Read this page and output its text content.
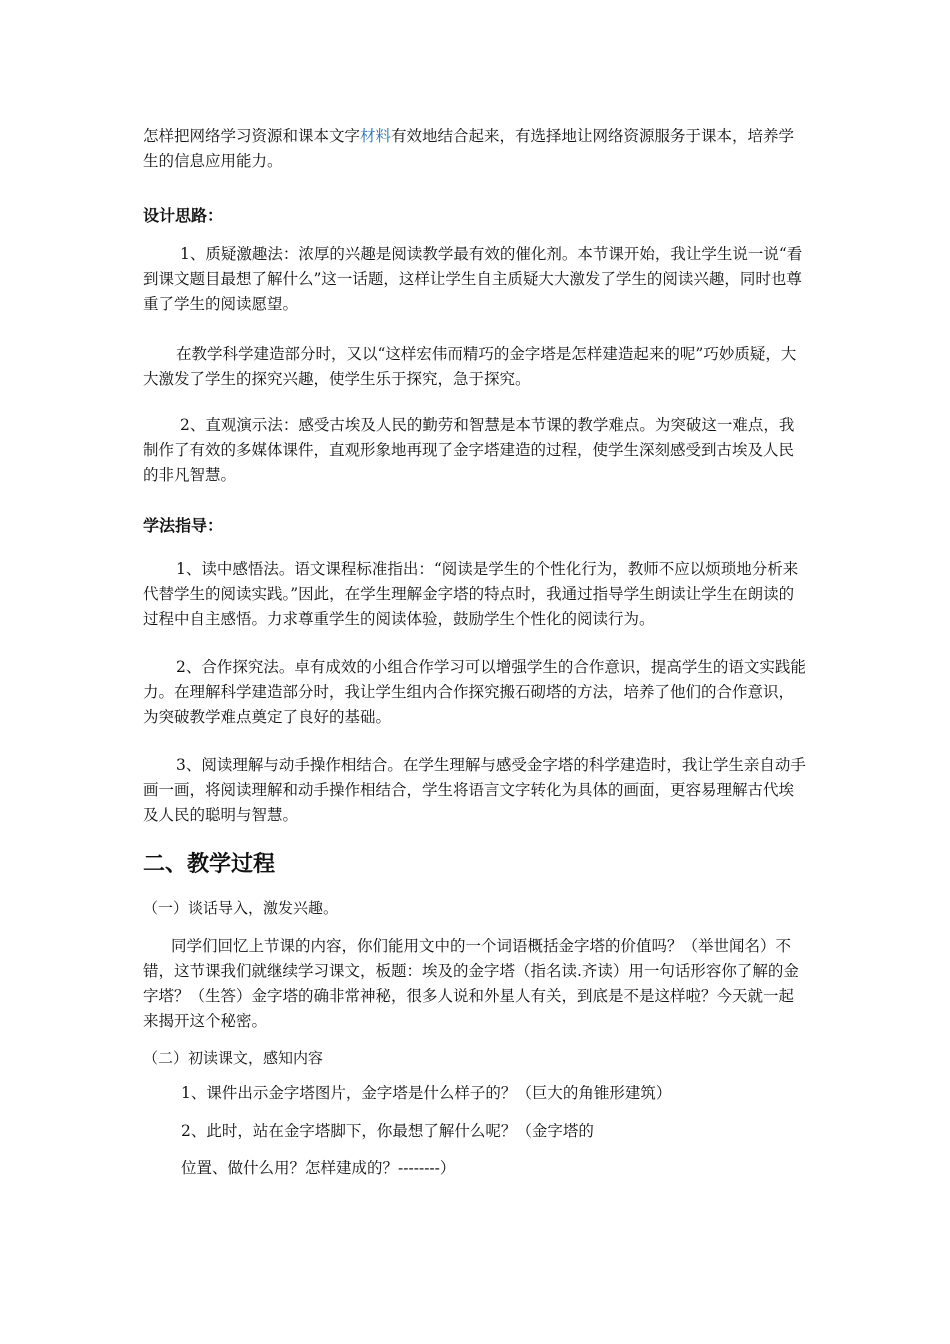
怎样把网络学习资源和课本文字材料有效地结合起来，有选择地让网络资源服务于课本，培养学生的信息应用能力。

设计思路：

1、质疑激趣法：浓厚的兴趣是阅读教学最有效的催化剂。本节课开始，我让学生说一说“看到课文题目最想了解什么”这一话题，这样让学生自主质疑大大激发了学生的阅读兴趣，同时也尊重了学生的阅读愿望。

在教学科学建造部分时，又以“这样宏伟而精巧的金字塔是怎样建造起来的呢”巧妙质疑，大大激发了学生的探究兴趣，使学生乐于探究，急于探究。

2、直观演示法：感受古埃及人民的勤劳和智慧是本节课的教学难点。为突破这一难点，我制作了有效的多媒体课件，直观形象地再现了金字塔建造的过程，使学生深刻感受到古埃及人民的非凡智慧。

学法指导：

1、读中感悟法。语文课程标准指出：“阅读是学生的个性化行为，教师不应以烦琐地分析来代替学生的阅读实践。”因此，在学生理解金字塔的特点时，我通过指导学生朗读让学生在朗读的过程中自主感悟。力求尊重学生的阅读体验，鼓励学生个性化的阅读行为。

2、合作探究法。卓有成效的小组合作学习可以增强学生的合作意识，提高学生的语文实践能力。在理解科学建造部分时，我让学生组内合作探究搬石砌塔的方法，培养了他们的合作意识，为突破教学难点奠定了良好的基础。

3、阅读理解与动手操作相结合。在学生理解与感受金字塔的科学建造时，我让学生亲自动手画一画，将阅读理解和动手操作相结合，学生将语言文字转化为具体的画面，更容易理解古代埃及人民的聪明与智慧。

二、教学过程

（一）谈话导入，激发兴趣。

同学们回忆上节课的内容，你们能用文中的一个词语概括金字塔的价值吗？（举世闻名）不错，这节课我们就继续学习课文，板题：埃及的金字塔（指名读.齐读）用一句话形容你了解的金字塔？（生答）金字塔的确非常神秘，很多人说和外星人有关，到底是不是这样啦？今天就一起来揭开这个秘密。

（二）初读课文，感知内容

1、课件出示金字塔图片，金字塔是什么样子的？（巨大的角锥形建筑）

2、此时，站在金字塔脚下，你最想了解什么呢？（金字塔的

位置、做什么用？怎样建成的？--------）
